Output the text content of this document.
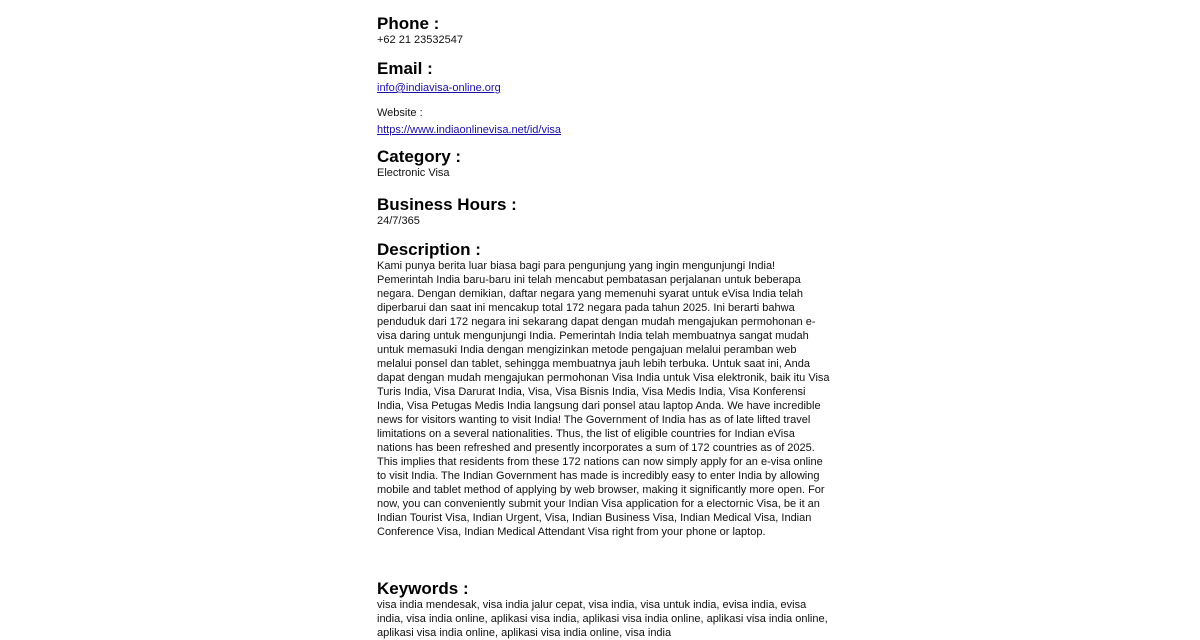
Phone :
+62 21 23532547
Email :
info@indiavisa-online.org
Website :
https://www.indiaonlinevisa.net/id/visa
Category :
Electronic Visa
Business Hours :
24/7/365
Description :

Kami punya berita luar biasa bagi para pengunjung yang ingin mengunjungi India! Pemerintah India baru-baru ini telah mencabut pembatasan perjalanan untuk beberapa negara. Dengan demikian, daftar negara yang memenuhi syarat untuk eVisa India telah diperbarui dan saat ini mencakup total 172 negara pada tahun 2025. Ini berarti bahwa penduduk dari 172 negara ini sekarang dapat dengan mudah mengajukan permohonan e-visa daring untuk mengunjungi India. Pemerintah India telah membuatnya sangat mudah untuk memasuki India dengan mengizinkan metode pengajuan melalui peramban web melalui ponsel dan tablet, sehingga membuatnya jauh lebih terbuka. Untuk saat ini, Anda dapat dengan mudah mengajukan permohonan Visa India untuk Visa elektronik, baik itu Visa Turis India, Visa Darurat India, Visa, Visa Bisnis India, Visa Medis India, Visa Konferensi India, Visa Petugas Medis India langsung dari ponsel atau laptop Anda. We have incredible news for visitors wanting to visit India! The Government of India has as of late lifted travel limitations on a several nationalities. Thus, the list of eligible countries for Indian eVisa nations has been refreshed and presently incorporates a sum of 172 countries as of 2025. This implies that residents from these 172 nations can now simply apply for an e-visa online to visit India. The Indian Government has made is incredibly easy to enter India by allowing mobile and tablet method of applying by web browser, making it significantly more open. For now, you can conveniently submit your Indian Visa application for a electornic Visa, be it an Indian Tourist Visa, Indian Urgent, Visa, Indian Business Visa, Indian Medical Visa, Indian Conference Visa, Indian Medical Attendant Visa right from your phone or laptop.

Keywords :

visa india mendesak, visa india jalur cepat, visa india, visa untuk india, evisa india, evisa india, visa india online, aplikasi visa india, aplikasi visa india online, aplikasi visa india online, aplikasi visa india online, aplikasi visa india online, visa india
